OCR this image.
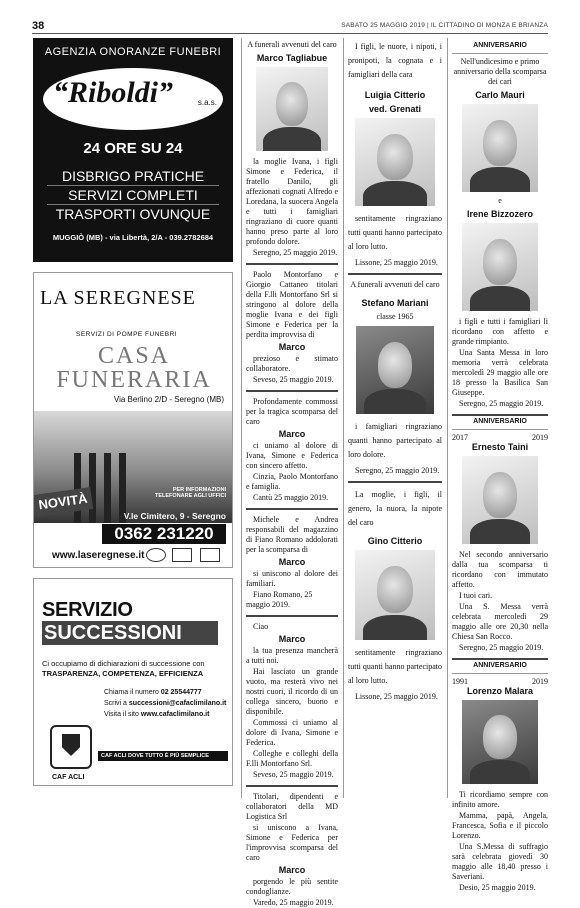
38	SABATO 25 MAGGIO 2019 | IL CITTADINO DI MONZA E BRIANZA
AGENZIA ONORANZE FUNEBRI
“Riboldi”	s.a.s.
24 ORE SU 24
DISBRIGO PRATICHE
SERVIZI COMPLETI
TRASPORTI OVUNQUE
MUGGIÒ (MB) - via Libertà, 2/A - 039.2782684
LA SEREGNESE
SERVIZI DI POMPE FUNEBRI
CASA
FUNERARIA
Via Berlino 2/D - Seregno (MB)
PER INFORMAZIONI
TELEFONARE AGLI UFFICI
NOVITÀ
V.le Cimitero, 9 - Seregno
0362 231220
www.laseregnese.it
SERVIZIO
SUCCESSIONI
Ci occupiamo di dichiarazioni di successione con
TRASPARENZA, COMPETENZA, EFFICIENZA
Chiama il numero 02 25544777
Scrivi a successioni@cafaclimilano.it
Visita il sito www.cafaclimilano.it
CAF ACLI DOVE TUTTO È PIÙ SEMPLICE
CAF ACLI
A funerali avvenuti del caro
Marco Tagliabue
la moglie Ivana, i figli Simone e Federica, il fratello Danilo, gli affezionati cognati Alfredo e Loredana, la suocera Angela e tutti i famigliari ringraziano di cuore quanti hanno preso parte al loro profondo dolore.
Seregno, 25 maggio 2019.
Paolo Montorfano e Giorgio Cattaneo titolari della F.lli Montorfano Srl si stringono al dolore della moglie Ivana e dei figli Simone e Federica per la perdita improvvisa di
Marco
prezioso e stimato collaboratore.
Seveso, 25 maggio 2019.
Profondamente commossi per la tragica scomparsa del caro
Marco
ci uniamo al dolore di Ivana, Simone e Federica con sincero affetto.
Cinzia, Paolo Montorfano e famiglia.
Cantù 25 maggio 2019.
Michele e Andrea responsabili del magazzino di Fiano Romano addolorati per la scomparsa di
Marco
si uniscono al dolore dei familiari.
Fiano Romano, 25 maggio 2019.
Ciao
Marco
la tua presenza mancherà a tutti noi.
Hai lasciato un grande vuoto, ma resterà vivo nei nostri cuori, il ricordo di un collega sincero, buono e disponibile.
Commossi ci uniamo al dolore di Ivana, Simone e Federica.
Colleghe e colleghi della F.lli Montorfano Srl.
Seveso, 25 maggio 2019.
Titolari, dipendenti e collaboratori della MD Logistica Srl
si uniscono a Ivana, Simone e Federica per l'improvvisa scomparsa del caro
Marco
porgendo le più sentite condoglianze.
Varedo, 25 maggio 2019.
I figli, le nuore, i nipoti, i pronipoti, la cognata e i famigliari della cara
Luigia Citterio
ved. Grenati
sentitamente ringraziano tutti quanti hanno partecipato al loro lutto.
Lissone, 25 maggio 2019.
A funerali avvenuti del caro
Stefano Mariani
classe 1965
i famigliari ringraziano quanti hanno partecipato al loro dolore.
Seregno, 25 maggio 2019.
La moglie, i figli, il genero, la nuora, la nipote del caro
Gino Citterio
sentitamente ringraziano tutti quanti hanno partecipato al loro lutto.
Lissone, 25 maggio 2019.
ANNIVERSARIO
Nell'undicesimo e primo anniversario della scomparsa dei cari
Carlo Mauri
e
Irene Bizzozero
i figli e tutti i famigliari li ricordano con affetto e grande rimpianto.
Una Santa Messa in loro memoria verrà celebrata mercoledì 29 maggio alle ore 18 presso la Basilica San Giuseppe.
Seregno, 25 maggio 2019.
ANNIVERSARIO
2017	2019
Ernesto Taini
Nel secondo anniversario dalla tua scomparsa ti ricordano con immutato affetto.
I tuoi cari.
Una S. Messa verrà celebrata mercoledì 29 maggio alle ore 20,30 nella Chiesa San Rocco.
Seregno, 25 maggio 2019.
ANNIVERSARIO
1991	2019
Lorenzo Malara
Ti ricordiamo sempre con infinito amore.
Mamma, papà, Angela, Francesca, Sofia e il piccolo Lorenzo.
Una S.Messa di suffragio sarà celebrata giovedì 30 maggio alle 18,40 presso i Saveriani.
Desio, 25 maggio 2019.
